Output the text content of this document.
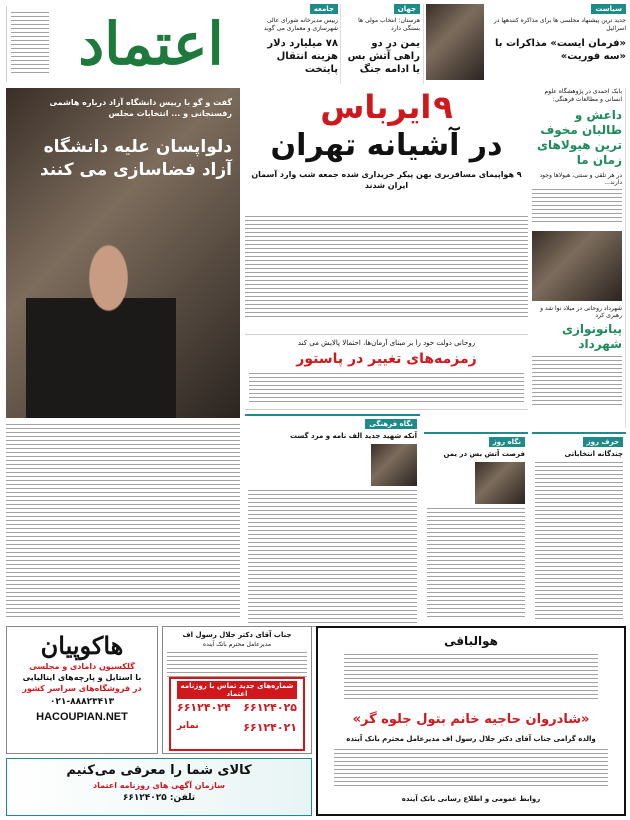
اعتماد
جامعه
رییس مدیرخانه شورای عالی شهرسازی و معماری می گوید
۷۸ میلیارد دلار هزینه انتقال پایتخت
جهان
هرستان: انتخاب مولی ها بستگی دارد
یمن در دو راهی آتش بس یا ادامه جنگ
سیاست
جدید ترین پیشنهاد مجلسی ها برای مذاکره کنندهها در اسرائیل
«فرمان ایست» مذاکرات با «سه فوریت»
بابک احمدی در پژوهشگاه علوم انسانی و مطالعات فرهنگی:
داعش و طالبان مخوف ترین هیولاهای زمان ما
در هر تلقی و سنتی، هیولاها وجود دارند...
شهرداد روحانی در میلاد نوا شد و رهبری کرد
پیانونوازی شهرداد
گفت و گو با رییس دانشگاه آزاد درباره هاشمی رفسنجانی و ... انتخابات مجلس
دلواپسان علیه دانشگاه آزاد فضاسازی می کنند
۹ ایرباس
در آشیانه تهران
۹ هواپیمای مسافربری بهن پیکر خریداری شده جمعه شب وارد آسمان ایران شدند
روحانی دولت خود را بر مبنای آرمان‌ها، احتمالا پالایش می کند
زمزمه‌های تغییر در پاستور
حرف روز
چندگانه انتخاباتی
نگاه روز
فرصت آتش بس در یمن
نگاه فرهنگی
آنکه شهید جدید الف نامه و مرد گست
هاکوپیان
گلکسیون دامادی و مجلسی
با استایل و پارچه‌های ایتالیایی
در فروشگاه‌های سراسر کشور
۰۲۱-۸۸۸۲۳۴۱۳
HACOUPIAN.NET
جناب آقای دکتر جلال رسول اف
مدیرعامل محترم بانک آینده
شماره‌های جدید تماس با روزنامه اعتماد
۶۶۱۲۴۰۲۴ ۶۶۱۲۴۰۲۵
نمابر	۶۶۱۲۴۰۲۱
هوالباقی
«شادروان حاجیه خانم بتول جلوه گر»
والده گرامی جناب آقای دکتر جلال رسول اف مدیرعامل محترم بانک آینده
روابط عمومی و اطلاع رسانی بانک آینده
کالای شما را معرفی می‌کنیم
سازمان آگهی های روزنامه اعتماد
تلفن: ۶۶۱۲۴۰۲۵
